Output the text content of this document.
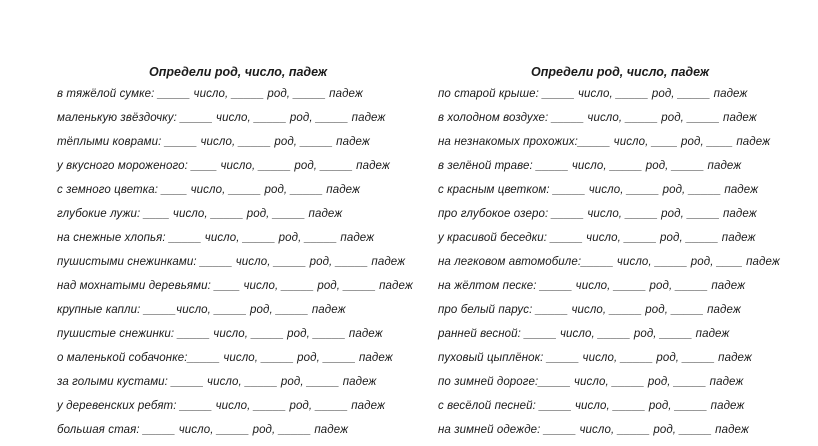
Определи род, число, падеж
в тяжёлой сумке: _____ число, _____ род, _____ падеж
маленькую звёздочку: _____ число, _____ род, _____ падеж
тёплыми коврами: _____ число, _____ род, _____ падеж
у вкусного мороженого: ____ число, _____ род, _____ падеж
с земного цветка: ____ число, _____ род, _____ падеж
глубокие лужи: ____ число, _____ род, _____ падеж
на снежные хлопья: _____ число, _____ род, _____ падеж
пушистыми снежинками: _____ число, _____ род, _____ падеж
над мохнатыми деревьями: ____ число, _____ род, _____ падеж
крупные капли: _____число, _____ род, _____ падеж
пушистые снежинки: _____ число, _____ род, _____ падеж
о маленькой собачонке:_____ число, _____ род, _____ падеж
за голыми кустами: _____ число, _____ род, _____ падеж
у деревенских ребят: _____ число, _____ род, _____ падеж
большая стая: _____ число, _____ род, _____ падеж
Определи род, число, падеж
по старой крыше: _____ число, _____ род, _____ падеж
в холодном воздухе: _____ число, _____ род, _____ падеж
на незнакомых прохожих:_____ число, ____ род, ____ падеж
в зелёной траве: _____ число, _____ род, _____ падеж
с красным цветком: _____ число, _____ род, _____ падеж
про глубокое озеро: _____ число, _____ род, _____ падеж
у красивой беседки: _____ число, _____ род, _____ падеж
на легковом автомобиле:_____ число, _____ род, ____ падеж
на жёлтом песке: _____ число, _____ род, _____ падеж
про белый парус: _____ число, _____ род, _____ падеж
ранней весной: _____ число, _____ род, _____ падеж
пуховый цыплёнок: _____ число, _____ род, _____ падеж
по зимней дороге:_____ число, _____ род, _____ падеж
с весёлой песней: _____ число, _____ род, _____ падеж
на зимней одежде: _____ число, _____ род, _____ падеж
